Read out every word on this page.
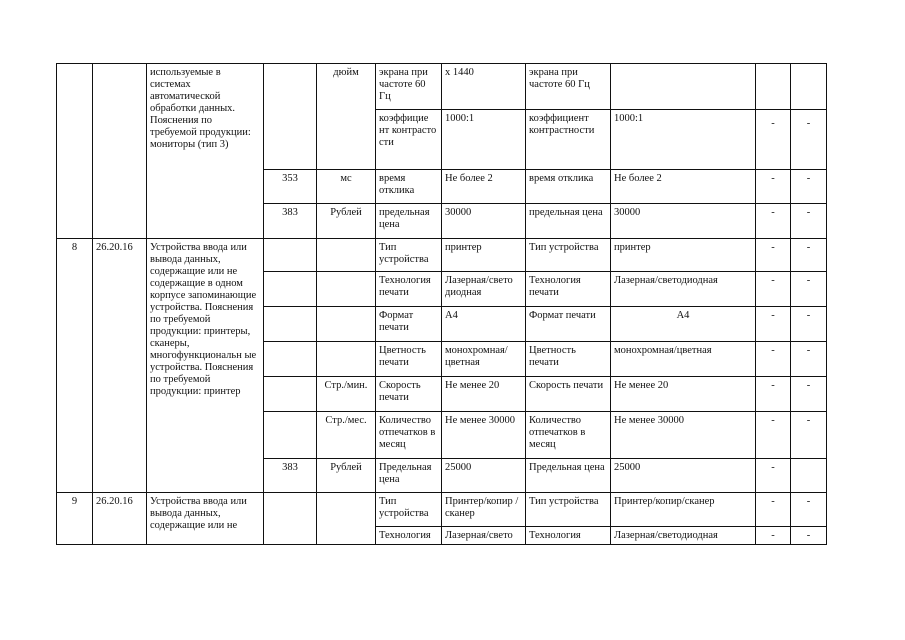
		используемые в системах автоматической обработки данных. Пояснения по требуемой продукции: мониторы (тип 3)		дюйм	экрана при частоте 60 Гц	x 1440	экрана при частоте 60 Гц			
					коэффицие нт контрасто сти	1000:1	коэффициент контрастности	1000:1	-	-
			353	мс	время отклика	Не более 2	время отклика	Не более 2	-	-
			383	Рублей	предельная цена	30000	предельная цена	30000	-	-
8	26.20.16	Устройства ввода или вывода данных, содержащие или не содержащие в одном корпусе запоминающие устройства. Пояснения по требуемой продукции: принтеры, сканеры, многофункциональн ые устройства. Пояснения по требуемой продукции: принтер			Тип устройства	принтер	Тип устройства	принтер	-	-
					Технология печати	Лазерная/свето диодная	Технология печати	Лазерная/светодиодная	-	-
					Формат печати	А4	Формат печати	А4	-	-
					Цветность печати	монохромная/ цветная	Цветность печати	монохромная/цветная	-	-
				Стр./мин.	Скорость печати	Не менее 20	Скорость печати	Не менее 20	-	-
				Стр./мес.	Количество отпечатков в месяц	Не менее 30000	Количество отпечатков в месяц	Не менее 30000	-	-
			383	Рублей	Предельная цена	25000	Предельная цена	25000	-	
9	26.20.16	Устройства ввода или вывода данных, содержащие или не			Тип устройства	Принтер/копир /сканер	Тип устройства	Принтер/копир/сканер	-	-
					Технология	Лазерная/свето	Технология	Лазерная/светодиодная	-	-
